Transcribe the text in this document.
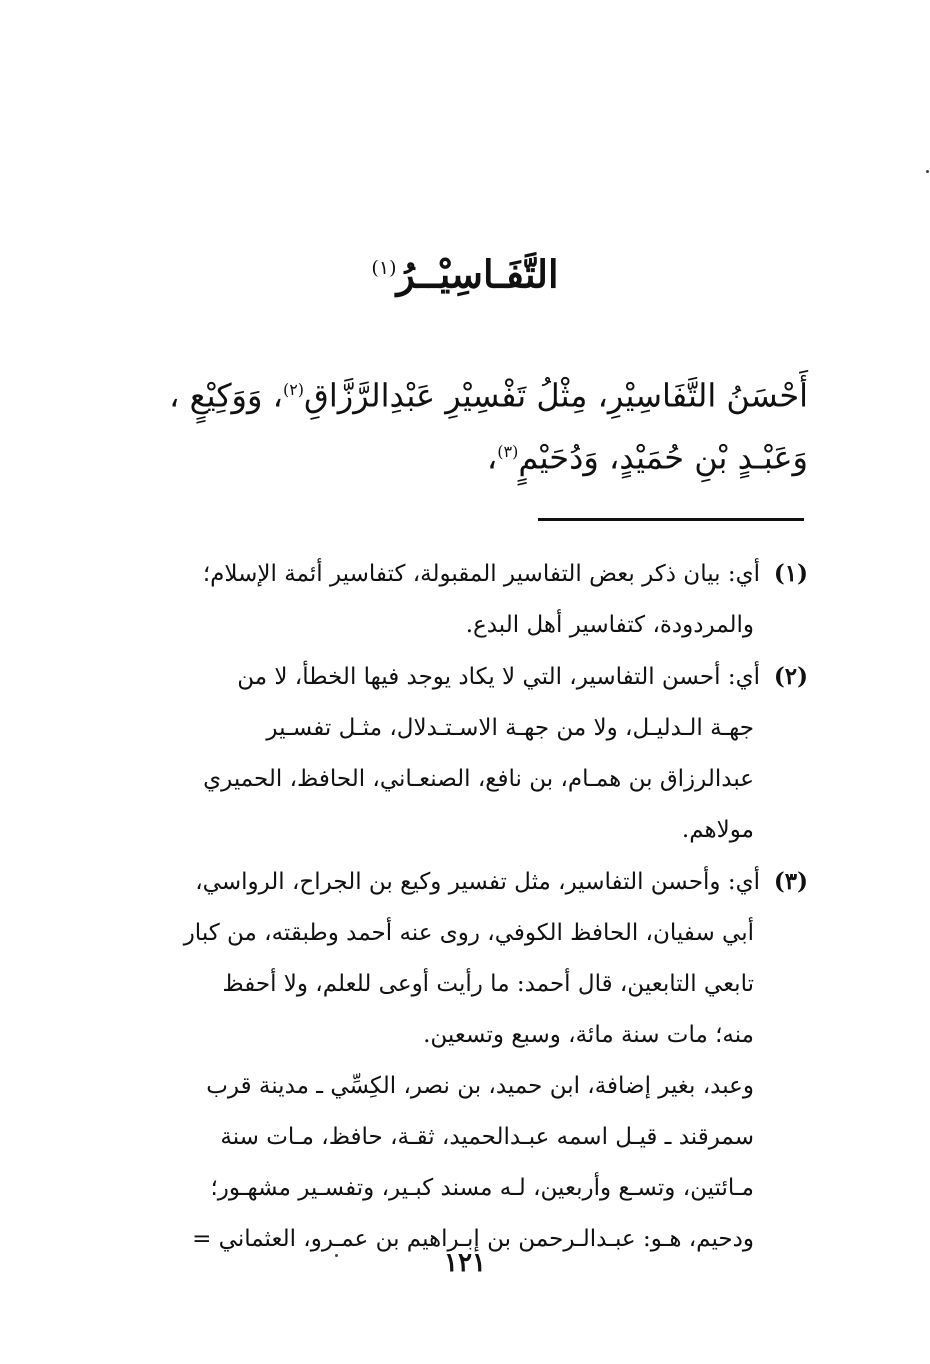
التَّفَـاسِيْــرُ$^{(١)}$
أَحْسَنُ التَّفَاسِيْرِ، مِثْلُ تَفْسِيْرِ عَبْدِالرَّزَّاقِ$^{(٢)}$، وَوَكِيْعٍ ،
وَعَبْـدٍ بْنِ حُمَيْدٍ، وَدُحَيْمٍ$^{(٣)}$،
(١)أي: بيان ذكر بعض التفاسير المقبولة، كتفاسير أئمة الإسلام؛
والمردودة، كتفاسير أهل البدع.
(٢)أي: أحسن التفاسير، التي لا يكاد يوجد فيها الخطأ، لا من
جهـة الـدليـل، ولا من جهـة الاسـتـدلال، مثـل تفسـير
عبدالرزاق بن همـام، بن نافع، الصنعـاني، الحافظ، الحميري
مولاهم.
(٣)أي: وأحسن التفاسير، مثل تفسير وكيع بن الجراح، الرواسي،
أبي سفيان، الحافظ الكوفي، روى عنه أحمد وطبقته، من كبار
تابعي التابعين، قال أحمد: ما رأيت أوعى للعلم، ولا أحفظ
منه؛ مات سنة مائة، وسبع وتسعين.
وعبد، بغير إضافة، ابن حميد، بن نصر، الكِسِّي ـ مدينة قرب
سمرقند ـ قيـل اسمه عبـدالحميد، ثقـة، حافظ، مـات سنة
مـائتين، وتسـع وأربعين، لـه مسند كبـير، وتفسـير مشهـور؛
ودحيم، هـو: عبـدالـرحمن بن إبـراهيم بن عمـرو، العثماني =
١٢١
